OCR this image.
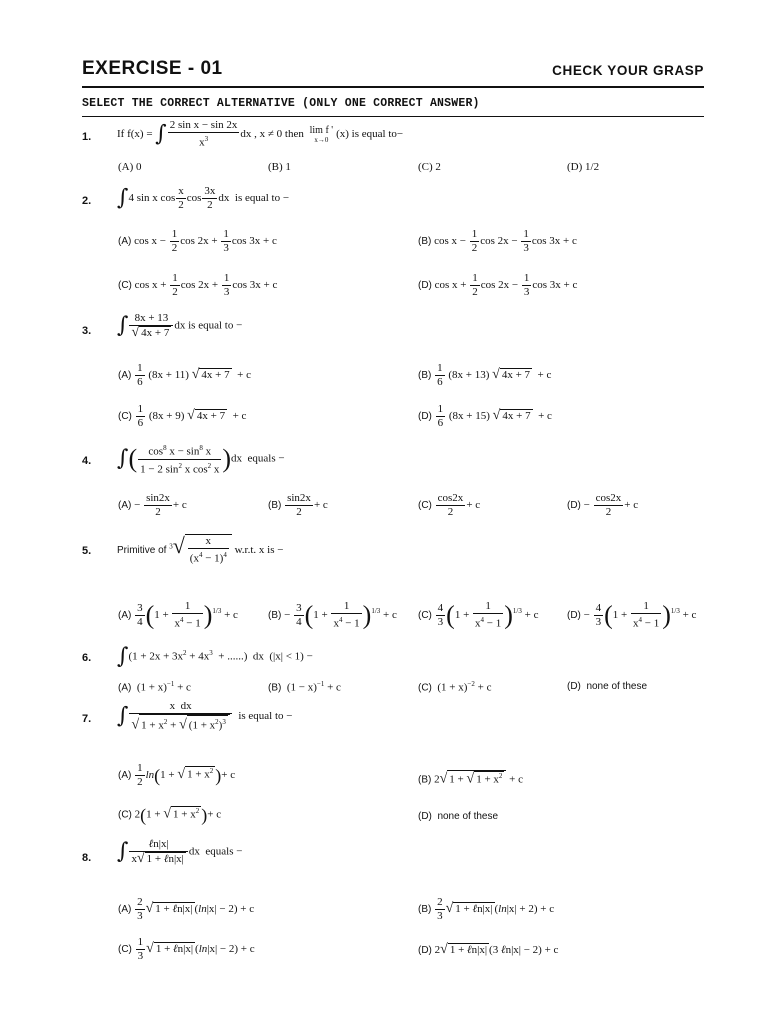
EXERCISE - 01	CHECK YOUR GRASP
SELECT THE CORRECT ALTERNATIVE (ONLY ONE CORRECT ANSWER)
1. If f(x) = ∫ $\frac{\text{2 sin x − sin 2x}}{x^3}$ dx , x ≠ 0 then lim f '
x→0 (x) is equal to−
(A) 0	(B) 1	(C) 2	(D) 1/2
2. ∫4 sin x $\cos \frac{x}{2}$ $\cos \frac{3x}{2}$ dx  is equal to −
(A) $\cos x - \frac{1}{2}$ $\cos 2x + \frac{1}{3}$ cos 3x + c	(B) $\cos x - \frac{1}{2}$ $\cos 2x - \frac{1}{3}$ cos 3x + c
(C) $\cos x + \frac{1}{2}$ $\cos 2x + \frac{1}{3}$ cos 3x + c	(D) $\cos x + \frac{1}{2}$ $\cos 2x - \frac{1}{3}$ cos 3x + c
3. ∫ $\frac{8x + 13}{√ 4x + 7}$ dx is equal to −
$(A) \frac{1}{6} (8x + 11)$ √ 4x + 7  + c	$(B) \frac{1}{6} (8x + 13)$ √ 4x + 7  + c
$(C) \frac{1}{6} (8x + 9)$ √ 4x + 7  + c	$(D) \frac{1}{6} (8x + 15)$ √ 4x + 7  + c
4. ∫( $\frac{\cos^8 x - \sin^8 x}{1 - 2 \sin^2 x \cos^2 x} )dx$  equals −
$(A) - \frac{\sin 2x}{2} + c$	$(B) \frac{\sin 2x}{2} + c$	$(C) \frac{\cos 2x}{2} + c$	$(D) - \frac{\cos 2x}{2} + c$
5.	Primitive of $^3√ \frac{x}{(x^4 - 1)^4} w.r.t$. x is −
$(A) \frac{3}{4} (1 + \frac{1}{x^4 - 1} )^{1/3} + c$	$(B) - \frac{3}{4} (1 + \frac{1}{x^4 - 1} )^{1/3} + c$ $(C) \frac{4}{3} (1 + \frac{1}{x^4 - 1} )^{1/3} + c$	$(D) - \frac{4}{3} (1 + \frac{1}{x^4 - 1} )^{1/3} + c$
6. $\int(1 + 2x + 3x^2 + 4x^3$  + ......)  dx  (|x| < 1) −
(A)  $(1 + x)^{-1} + c$	(B)  $(1 - x)^{-1} + c$	(C)  $(1 + x)^{-2} + c$	(D)  none of these
7. ∫ $\frac{\text{x  dx}}{√ 1 + x^2 + √ (1 + x^2)^3}$ is equal to −
$(A) \frac{1}{2} \ln(1$ + √ $1 + x^2$ )+ c	(B) 2√ 1 + √ $1 + x^2 + c$
(C) 2(1 + √ $1 + x^2$ )+ c	(D)  none of these
8. ∫	ℓn|x|
x√ 1 + ℓn|x|
dx  equals −
$(A) \frac{2}{3}$ √ 1 + ℓn|x| (ln|x| − 2) + c	$(B) \frac{2}{3}$ √ 1 + ℓn|x| (ln|x| + 2) + c
$(C) \frac{1}{3}$ √ 1 + ℓn|x| (ln|x| − 2) + c	(D) 2√ 1 + ℓn|x| (3 ℓn|x| − 2) + c
